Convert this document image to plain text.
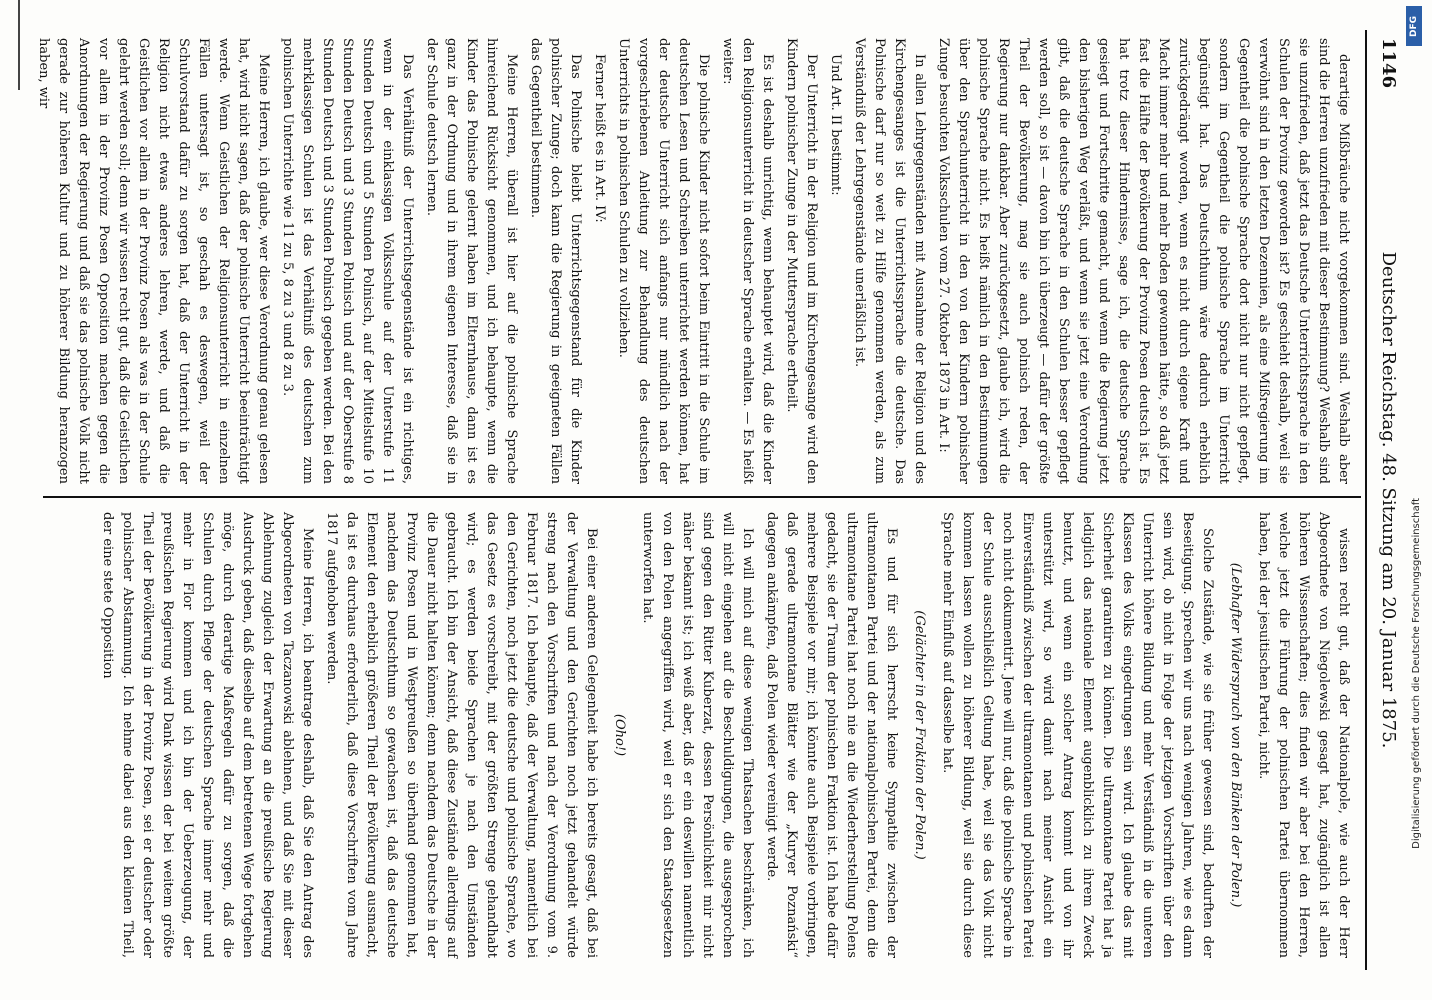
1146
Deutscher Reichstag. 48. Sitzung am 20. Januar 1875.

derartige Mißbräuche nicht vorgekommen sind. Weshalb aber sind die Herren unzufrieden mit dieser Bestimmung? Weshalb sind sie unzufrieden, daß jetzt das Deutsche Unterrichtssprache in den Schulen der Provinz geworden ist? Es geschieht deshalb, weil sie verwöhnt sind in den letzten Dezennien, als eine Mißregierung im Gegentheil die polnische Sprache dort nicht nur nicht gepflegt, sondern im Gegentheil die polnische Sprache im Unterricht begünstigt hat. Das Deutschthum wäre dadurch erheblich zurückgedrängt worden, wenn es nicht durch eigene Kraft und Macht immer mehr und mehr Boden gewonnen hätte, so daß jetzt fast die Hälfte der Bevölkerung der Provinz Posen deutsch ist. Es hat trotz dieser Hindernisse, sage ich, die deutsche Sprache gesiegt und Fortschritte gemacht, und wenn die Regierung jetzt den bisherigen Weg verläßt, und wenn sie jetzt eine Verordnung gibt, daß die deutsche Sprache in den Schulen besser gepflegt werden soll, so ist — davon bin ich überzeugt — dafür der größte Theil der Bevölkerung, mag sie auch polnisch reden, der Regierung nur dankbar. Aber zurückgesetzt, glaube ich, wird die polnische Sprache nicht. Es heißt nämlich in den Bestimmungen über den Sprachunterricht in den von den Kindern polnischer Zunge besuchten Volksschulen vom 27. Oktober 1873 in Art. I:

In allen Lehrgegenständen mit Ausnahme der Religion und des Kirchengesanges ist die Unterrichtssprache die deutsche. Das Polnische darf nur so weit zu Hilfe genommen werden, als zum Verständniß der Lehrgegenstände unerläßlich ist.

Und Art. II bestimmt:

Der Unterricht in der Religion und im Kirchengesange wird den Kindern polnischer Zunge in der Muttersprache ertheilt.

Es ist deshalb unrichtig, wenn behauptet wird, daß die Kinder den Religionsunterricht in deutscher Sprache erhalten. — Es heißt weiter:

Die polnische Kinder nicht sofort beim Eintritt in die Schule im deutschen Lesen und Schreiben unterrichtet werden können, hat der deutsche Unterricht sich anfangs nur mündlich nach der vorgeschriebenen Anleitung zur Behandlung des deutschen Unterrichts in polnischen Schulen zu vollziehen.

Ferner heißt es in Art. IV:

Das Polnische bleibt Unterrichtsgegenstand für die Kinder polnischer Zunge; doch kann die Regierung in geeigneten Fällen das Gegentheil bestimmen.

Meine Herren, überall ist hier auf die polnische Sprache hinreichend Rücksicht genommen, und ich behaupte, wenn die Kinder das Polnische gelernt haben im Elternhause, dann ist es ganz in der Ordnung und in ihrem eigenen Interesse, daß sie in der Schule deutsch lernen.

Das Verhältniß der Unterrichtsgegenstände ist ein richtiges, wenn in der einklassigen Volksschule auf der Unterstufe 11 Stunden Deutsch und 5 Stunden Polnisch, auf der Mittelstufe 10 Stunden Deutsch und 3 Stunden Polnisch und auf der Oberstufe 8 Stunden Deutsch und 3 Stunden Polnisch gegeben werden. Bei den mehrklassigen Schulen ist das Verhältniß des deutschen zum polnischen Unterrichte wie 11 zu 5, 8 zu 3 und 8 zu 3.

Meine Herren, ich glaube, wer diese Verordnung genau gelesen hat, wird nicht sagen, daß der polnische Unterricht beeinträchtigt werde. Wenn Geistlichen der Religionsunterricht in einzelnen Fällen untersagt ist, so geschah es deswegen, weil der Schulvorstand dafür zu sorgen hat, daß der Unterricht in der Religion nicht etwas anderes lehren, werde, und daß die Geistlichen vor allem in der Provinz Posen als was in der Schule gelehrt werden soll; denn wir wissen recht gut, daß die Geistlichen vor allem in der Provinz Posen Opposition machen gegen die Anordnungen der Regierung und daß sie das polnische Volk nicht gerade zur höheren Kultur und zu höherer Bildung heranzogen haben, wir

wissen recht gut, daß der Nationalpole, wie auch der Herr Abgeordnete von Niegolewski gesagt hat, zugänglich ist allen höheren Wissenschaften; dies finden wir aber bei den Herren, welche jetzt die Führung der polnischen Partei übernommen haben, bei der jesuitischen Partei, nicht.

(Lebhafter Widerspruch von den Bänken der Polen.)

Solche Zustände, wie sie früher gewesen sind, bedurften der Beseitigung. Sprechen wir uns nach wenigen Jahren, wie es dann sein wird, ob nicht in Folge der jetzigen Vorschriften über den Unterricht höhere Bildung und mehr Verständniß in die unteren Klassen des Volks eingedrungen sein wird. Ich glaube das mit Sicherheit garantiren zu können. Die ultramontane Partei hat ja lediglich das nationale Element augenblicklich zu ihrem Zweck benutzt, und wenn ein solcher Antrag kommt und von ihr unterstützt wird, so wird damit nach meiner Ansicht ein Einverständniß zwischen der ultramontanen und polnischen Partei noch nicht dokumentirt. Jene will nur, daß die polnische Sprache in der Schule ausschließlich Geltung habe, weil sie das Volk nicht kommen lassen wollen zu höherer Bildung, weil sie durch diese Sprache mehr Einfluß auf dasselbe hat.

(Gelächter in der Fraktion der Polen.)

Es und für sich herrscht keine Sympathie zwischen der ultramontanen Partei und der nationalpolnischen Partei, denn die ultramontane Partei hat noch nie an die Wiederherstellung Polens gedacht, sie der Traum der polnischen Fraktion ist. Ich habe dafür mehrere Beispiele vor mir; ich könnte auch Beispiele vorbringen, daß gerade ultramontane Blätter wie der „Kuryer Poznański“ dagegen ankämpfen, daß Polen wieder vereinigt werde.

Ich will mich auf diese wenigen Thatsachen beschränken, ich will nicht eingehen auf die Beschuldigungen, die ausgesprochen sind gegen den Ritter Kuberzat, dessen Persönlichkeit mir nicht näher bekannt ist; ich weiß aber, daß er ein deswillen namentlich von den Polen angegriffen wird, weil er sich den Staatsgesetzen unterworfen hat.

(Oho!)

Bei einer anderen Gelegenheit habe ich bereits gesagt, daß bei der Verwaltung und den Gerichten noch jetzt gehandelt würde streng nach den Vorschriften und nach der Verordnung vom 9. Februar 1817. Ich behaupte, daß der Verwaltung, namentlich bei den Gerichten, noch jetzt die deutsche und polnische Sprache, wo das Gesetz es vorschreibt, mit der größten Strenge gehandhabt wird; es werden beide Sprachen je nach den Umständen gebraucht. Ich bin der Ansicht, daß diese Zustände allerdings auf die Dauer nicht halten können; denn nachdem das Deutsche in der Provinz Posen und in Westpreußen so überhand genommen hat, nachdem das Deutschthum so gewachsen ist, daß das deutsche Element den erheblich größeren Theil der Bevölkerung ausmacht, da ist es durchaus erforderlich, daß diese Vorschriften vom Jahre 1817 aufgehoben werden.

Meine Herren, ich beantrage deshalb, daß Sie den Antrag des Abgeordneten von Taczanowski ablehnen, und daß Sie mit dieser Ablehnung zugleich der Erwartung an die preußische Regierung Ausdruck geben, daß dieselbe auf dem betretenen Wege fortgehen möge, durch derartige Maßregeln dafür zu sorgen, daß die Schulen durch Pflege der deutschen Sprache immer mehr und mehr in Flor kommen und ich bin der Ueberzeugung, der preußischen Regierung wird Dank wissen der bei weitem größte Theil der Bevölkerung in der Provinz Posen, sei er deutscher oder polnischer Abstammung. Ich nehme dabei aus den kleinen Theil, der eine stete Opposition

DFG
Digitalisierung gefördert durch die Deutsche Forschungsgemeinschaft
